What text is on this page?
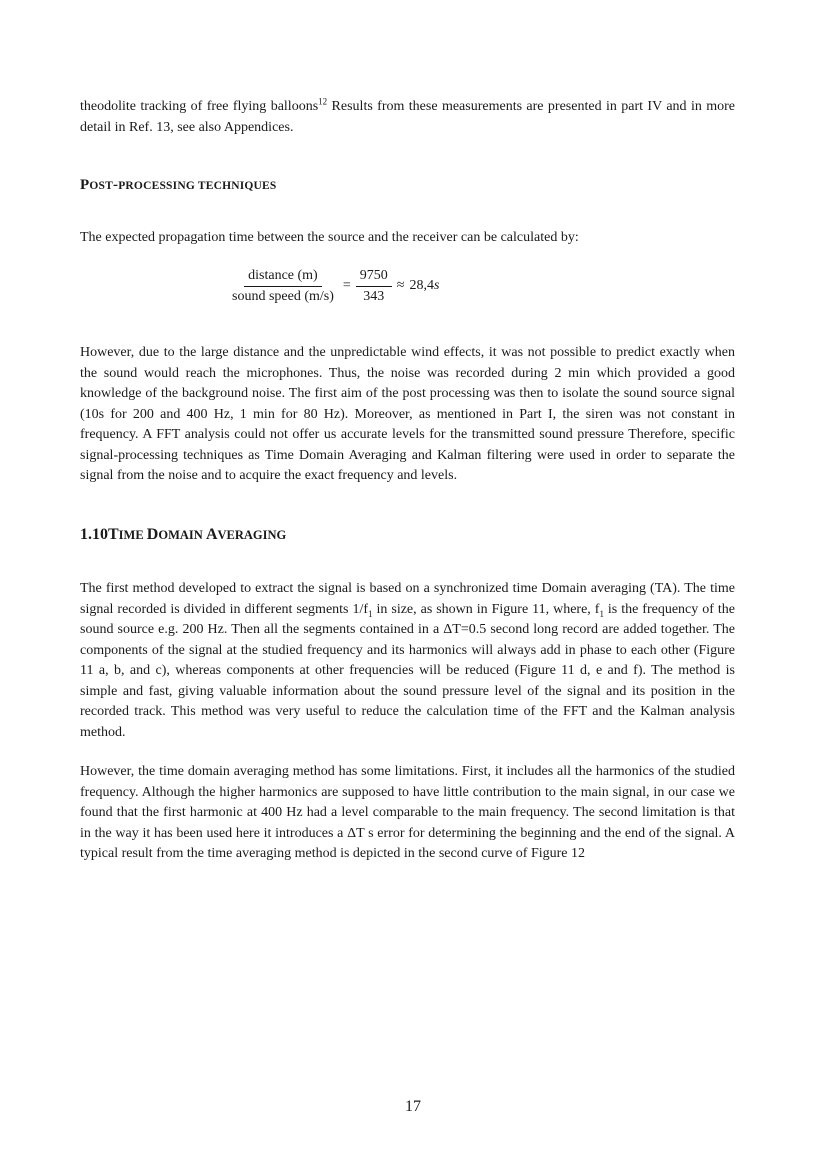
theodolite tracking of free flying balloons$^{12}$ Results from these measurements are presented in part IV and in more detail in Ref. 13, see also Appendices.

POST-PROCESSING TECHNIQUES

The expected propagation time between the source and the receiver can be calculated by:

$\frac{\text{distance (m)}}{\text{sound speed (m/s)}} = \frac{9750}{343} \approx 28,4$ s

However, due to the large distance and the unpredictable wind effects, it was not possible to predict exactly when the sound would reach the microphones. Thus, the noise was recorded during 2 min which provided a good knowledge of the background noise. The first aim of the post processing was then to isolate the sound source signal (10s for 200 and 400 Hz, 1 min for 80 Hz). Moreover, as mentioned in Part I, the siren was not constant in frequency. A FFT analysis could not offer us accurate levels for the transmitted sound pressure Therefore, specific signal-processing techniques as Time Domain Averaging and Kalman filtering were used in order to separate the signal from the noise and to acquire the exact frequency and levels.

1.10TIME DOMAIN AVERAGING

The first method developed to extract the signal is based on a synchronized time Domain averaging (TA). The time signal recorded is divided in different segments $1/f_1$ in size, as shown in Figure 11, where, $f_1$ is the frequency of the sound source e.g. 200 Hz. Then all the segments contained in a ΔT=0.5 second long record are added together. The components of the signal at the studied frequency and its harmonics will always add in phase to each other (Figure 11 a, b, and c), whereas components at other frequencies will be reduced (Figure 11 d, e and f). The method is simple and fast, giving valuable information about the sound pressure level of the signal and its position in the recorded track. This method was very useful to reduce the calculation time of the FFT and the Kalman analysis method.

However, the time domain averaging method has some limitations. First, it includes all the harmonics of the studied frequency. Although the higher harmonics are supposed to have little contribution to the main signal, in our case we found that the first harmonic at 400 Hz had a level comparable to the main frequency. The second limitation is that in the way it has been used here it introduces a ΔT s error for determining the beginning and the end of the signal. A typical result from the time averaging method is depicted in the second curve of Figure 12

17
